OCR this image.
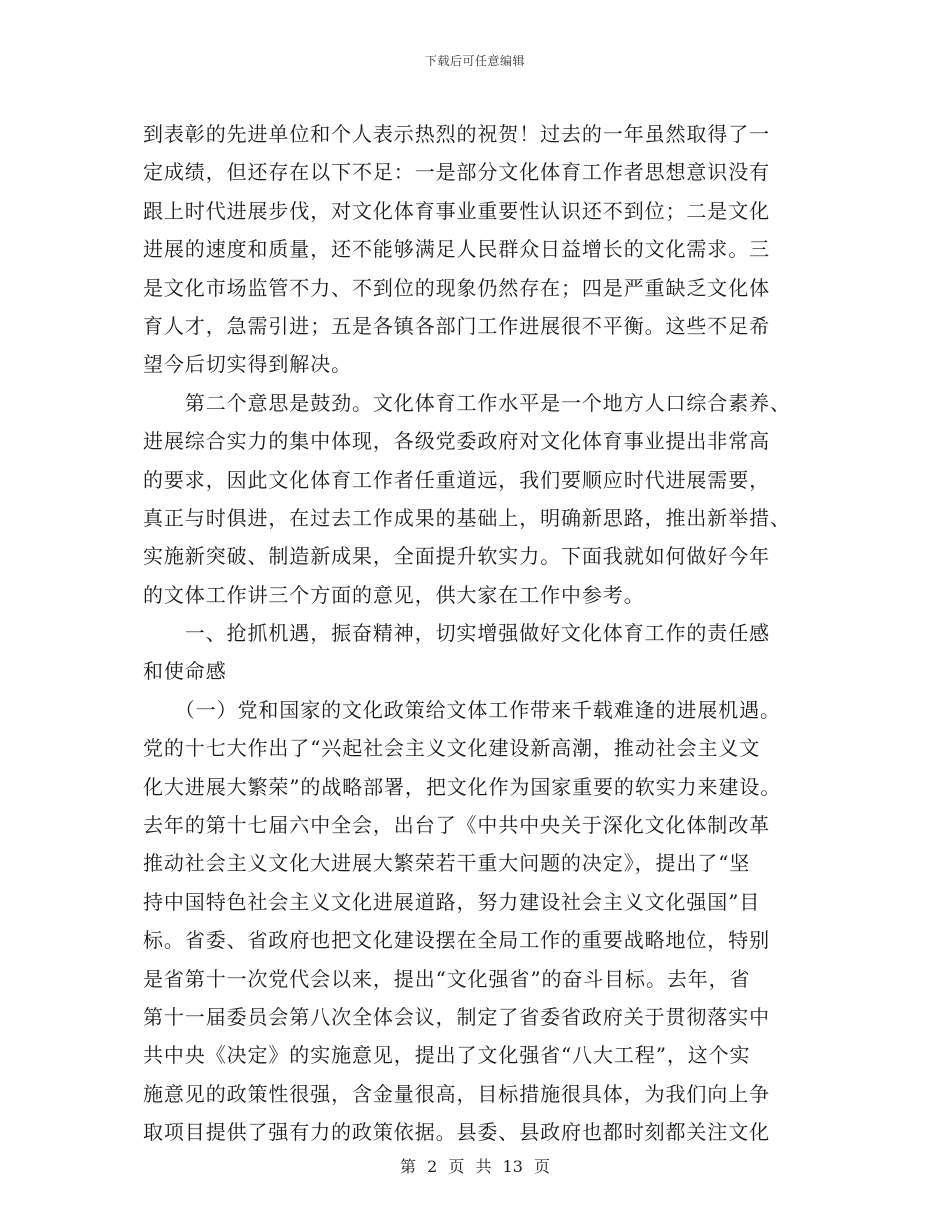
下载后可任意编辑
到表彰的先进单位和个人表示热烈的祝贺！过去的一年虽然取得了一
定成绩，但还存在以下不足：一是部分文化体育工作者思想意识没有
跟上时代进展步伐，对文化体育事业重要性认识还不到位；二是文化
进展的速度和质量，还不能够满足人民群众日益增长的文化需求。三
是文化市场监管不力、不到位的现象仍然存在；四是严重缺乏文化体
育人才，急需引进；五是各镇各部门工作进展很不平衡。这些不足希
望今后切实得到解决。
　　第二个意思是鼓劲。文化体育工作水平是一个地方人口综合素养、
进展综合实力的集中体现，各级党委政府对文化体育事业提出非常高
的要求，因此文化体育工作者任重道远，我们要顺应时代进展需要，
真正与时俱进，在过去工作成果的基础上，明确新思路，推出新举措、
实施新突破、制造新成果，全面提升软实力。下面我就如何做好今年
的文体工作讲三个方面的意见，供大家在工作中参考。
　　一、抢抓机遇，振奋精神，切实增强做好文化体育工作的责任感
和使命感
　　（一）党和国家的文化政策给文体工作带来千载难逢的进展机遇。
党的十七大作出了“兴起社会主义文化建设新高潮，推动社会主义文
化大进展大繁荣”的战略部署，把文化作为国家重要的软实力来建设。
去年的第十七届六中全会，出台了《中共中央关于深化文化体制改革
推动社会主义文化大进展大繁荣若干重大问题的决定》，提出了“坚
持中国特色社会主义文化进展道路，努力建设社会主义文化强国”目
标。省委、省政府也把文化建设摆在全局工作的重要战略地位，特别
是省第十一次党代会以来，提出“文化强省”的奋斗目标。去年，省
第十一届委员会第八次全体会议，制定了省委省政府关于贯彻落实中
共中央《决定》的实施意见，提出了文化强省“八大工程”，这个实
施意见的政策性很强，含金量很高，目标措施很具体，为我们向上争
取项目提供了强有力的政策依据。县委、县政府也都时刻都关注文化
第 2 页 共 13 页
